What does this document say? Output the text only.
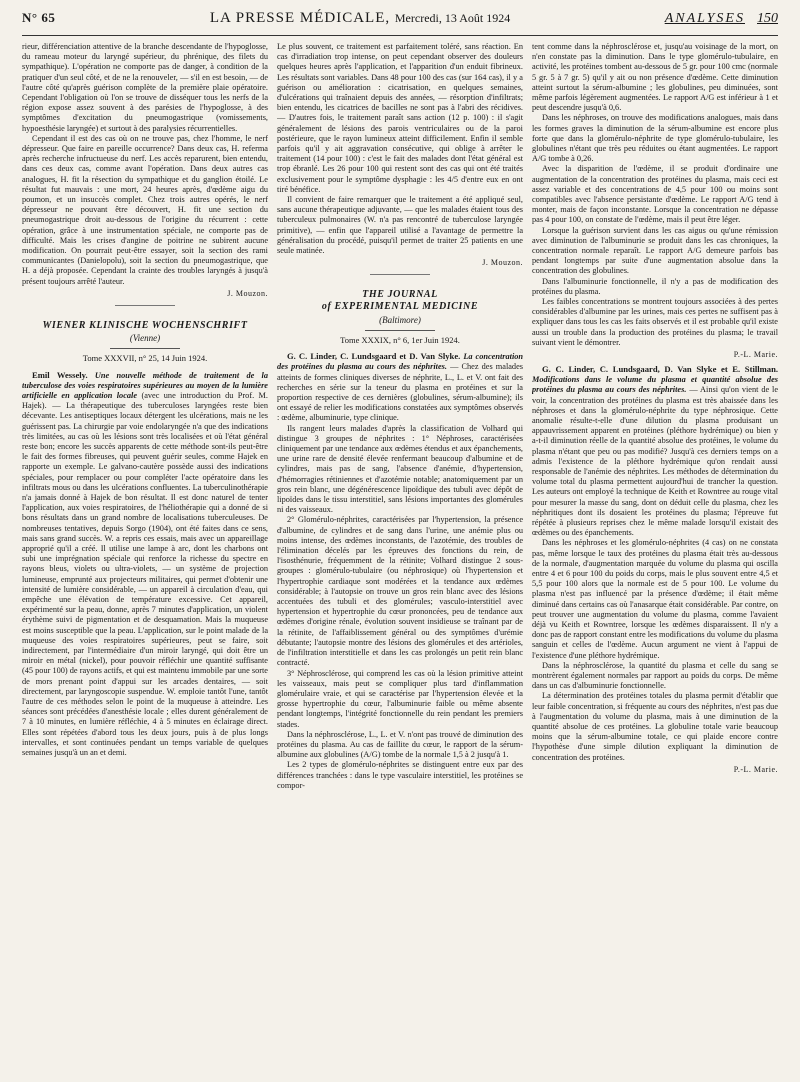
N° 65	LA PRESSE MÉDICALE, Mercredi, 13 Août 1924	ANALYSES 150

rieur, différenciation attentive de la branche descendante de l'hypoglosse, du rameau moteur du laryngé supérieur, du phrénique, des filets du sympathique). L'opération ne comporte pas de danger, à condition de la pratiquer d'un seul côté, et de ne la renouveler, — s'il en est besoin, — de l'autre côté qu'après guérison complète de la première plaie opératoire. Cependant l'obligation où l'on se trouve de disséquer tous les nerfs de la région expose assez souvent à des parésies de l'hypoglosse, à des symptômes d'excitation du pneumogastrique (vomissements, hypoesthésie laryngée) et surtout à des paralysies récurrentielles.

Cependant il est des cas où on ne trouve pas, chez l'homme, le nerf dépresseur. Que faire en pareille occurrence? Dans deux cas, H. referma après recherche infructueuse du nerf. Les accès reparurent, bien entendu, dans ces deux cas, comme avant l'opération. Dans deux autres cas analogues, H. fit la résection du sympathique et du ganglion étoilé. Le résultat fut mauvais : une mort, 24 heures après, d'œdème aigu du poumon, et un insuccès complet. Chez trois autres opérés, le nerf dépresseur ne pouvant être découvert, H. fit une section du pneumogastrique droit au-dessous de l'origine du récurrent : cette opération, grâce à une instrumentation spéciale, ne comporte pas de difficulté. Mais les crises d'angine de poitrine ne subirent aucune modification. On pourrait peut-être essayer, soit la section des rami communicantes (Danielopolu), soit la section du pneumogastrique, que H. a déjà proposée. Cependant la crainte des troubles laryngés à jusqu'à présent toujours arrêté l'auteur.

J. Mouzon.
WIENER KLINISCHE WOCHENSCHRIFT
(Vienne)
Tome XXXVII, n° 25, 14 Juin 1924.

Emil Wessely. Une nouvelle méthode de traitement de la tuberculose des voies respiratoires supérieures au moyen de la lumière artificielle en application locale (avec une introduction du Prof. M. Hajek). — La thérapeutique des tuberculoses laryngées reste bien décevante. Les antiseptiques locaux détergent les ulcérations, mais ne les guérissent pas. La chirurgie par voie endolaryngée n'a que des indications très limitées, au cas où les lésions sont très localisées et où l'état général reste bon; encore les succès apparents de cette méthode sont-ils peut-être le fait des formes fibreuses, qui peuvent guérir seules, comme Hajek en rapporte un exemple. Le galvano-cautère possède aussi des indications spéciales, pour remplacer ou pour compléter l'acte opératoire dans les infiltrats mous ou dans les ulcérations confluentes. La tuberculinothérapie n'a jamais donné à Hajek de bon résultat. Il est donc naturel de tenter l'application, aux voies respiratoires, de l'héliothérapie qui a donné de si bons résultats dans un grand nombre de localisations tuberculeuses. De nombreuses tentatives, depuis Sorgo (1904), ont été faites dans ce sens, mais sans grand succès. W. a repris ces essais, mais avec un appareillage approprié qu'il a créé. Il utilise une lampe à arc, dont les charbons ont subi une imprégnation spéciale qui renforce la richesse du spectre en rayons bleus, violets ou ultra-violets, — un système de projection lumineuse, emprunté aux projecteurs militaires, qui permet d'obtenir une intensité de lumière considérable, — un appareil à circulation d'eau, qui empêche une élévation de température excessive. Cet appareil, expérimenté sur la peau, donne, après 7 minutes d'application, un violent érythème suivi de pigmentation et de desquamation. Mais la muqueuse est moins susceptible que la peau. L'application, sur le point malade de la muqueuse des voies respiratoires supérieures, peut se faire, soit indirectement, par l'intermédiaire d'un miroir laryngé, qui doit être un miroir en métal (nickel), pour pouvoir réfléchir une quantité suffisante (45 pour 100) de rayons actifs, et qui est maintenu immobile par une sorte de mors prenant point d'appui sur les arcades dentaires, — soit directement, par laryngoscopie suspendue. W. emploie tantôt l'une, tantôt l'autre de ces méthodes selon le point de la muqueuse à atteindre. Les séances sont précédées d'anesthésie locale ; elles durent généralement de 7 à 10 minutes, en lumière réfléchie, 4 à 5 minutes en éclairage direct. Elles sont répétées d'abord tous les deux jours, puis à de plus longs intervalles, et sont continuées pendant un temps variable de quelques semaines jusqu'à un an et demi.

Le plus souvent, ce traitement est parfaitement toléré, sans réaction. En cas d'irradiation trop intense, on peut cependant observer des douleurs quelques heures après l'application, et l'apparition d'un enduit fibrineux. Les résultats sont variables. Dans 48 pour 100 des cas (sur 164 cas), il y a guérison ou amélioration : cicatrisation, en quelques semaines, d'ulcérations qui traînaient depuis des années, — résorption d'infiltrats; bien entendu, les cicatrices de bacilles ne sont pas à l'abri des récidives. — D'autres fois, le traitement paraît sans action (12 p. 100) : il s'agit généralement de lésions des parois ventriculaires ou de la paroi postérieure, que le rayon lumineux atteint difficilement. Enfin il semble parfois qu'il y ait aggravation consécutive, qui oblige à arrêter le traitement (14 pour 100) : c'est le fait des malades dont l'état général est trop ébranlé. Les 26 pour 100 qui restent sont des cas qui ont été traités exclusivement pour le symptôme dysphagie : les 4/5 d'entre eux en ont tiré bénéfice.

Il convient de faire remarquer que le traitement a été appliqué seul, sans aucune thérapeutique adjuvante, — que les malades étaient tous des tuberculeux pulmonaires (W. n'a pas rencontré de tuberculose laryngée primitive), — enfin que l'appareil utilisé a l'avantage de permettre la généralisation du procédé, puisqu'il permet de traiter 25 patients en une seule matinée.

J. Mouzon.
THE JOURNAL
of EXPERIMENTAL MEDICINE
(Baltimore)
Tome XXXIX, n° 6, 1er Juin 1924.

G. C. Linder, C. Lundsgaard et D. Van Slyke. La concentration des protéines du plasma au cours des néphrites. — Chez des malades atteints de formes cliniques diverses de néphrite, L., L. et V. ont fait des recherches en série sur la teneur du plasma en protéines et sur la proportion respective de ces dernières (globulines, sérum-albumine); ils ont essayé de relier les modifications constatées aux symptômes observés : œdème, albuminurie, type clinique.

Ils rangent leurs malades d'après la classification de Volhard qui distingue 3 groupes de néphrites : 1° Néphroses, caractérisées cliniquement par une tendance aux œdèmes étendus et aux épanchements, une urine rare de densité élevée renfermant beaucoup d'albumine et de cylindres, mais pas de sang, l'absence d'anémie, d'hypertension, d'hémorragies rétiniennes et d'azotémie notable; anatomiquement par un gros rein blanc, une dégénérescence lipoïdique des tubuli avec dépôt de lipoïdes dans le tissu interstitiel, sans lésions importantes des glomérules ni des vaisseaux.

2° Glomérulo-néphrites, caractérisées par l'hypertension, la présence d'albumine, de cylindres et de sang dans l'urine, une anémie plus ou moins intense, des œdèmes inconstants, de l'azotémie, des troubles de l'élimination décelés par les épreuves des fonctions du rein, de l'isosthénurie, fréquemment de la rétinite; Volhard distingue 2 sous-groupes : glomérulo-tubulaire (ou néphrosique) où l'hypertension et l'hypertrophie cardiaque sont modérées et la tendance aux œdèmes considérable; à l'autopsie on trouve un gros rein blanc avec des lésions accentuées des tubuli et des glomérules; vasculo-interstitiel avec hypertension et hypertrophie du cœur prononcées, peu de tendance aux œdèmes d'origine rénale, évolution souvent insidieuse se traînant par de la rétinite, de l'affaiblissement général ou des symptômes d'urémie débutante; l'autopsie montre des lésions des glomérules et des artérioles, de l'infiltration interstitielle et dans les cas prolongés un petit rein blanc contracté.

3° Néphrosclérose, qui comprend les cas où la lésion primitive atteint les vaisseaux, mais peut se compliquer plus tard d'inflammation glomérulaire vraie, et qui se caractérise par l'hypertension élevée et la grosse hypertrophie du cœur, l'albuminurie faible ou même absente pendant longtemps, l'intégrité fonctionnelle du rein pendant les premiers stades.

Dans la néphrosclérose, L., L. et V. n'ont pas trouvé de diminution des protéines du plasma. Au cas de faillite du cœur, le rapport de la sérum-albumine aux globulines (A/G) tombe de la normale 1,5 à 2 jusqu'à 1.

Les 2 types de glomérulo-néphrites se distinguent entre eux par des différences tranchées : dans le type vasculaire interstitiel, les protéines se compor-

tent comme dans la néphrosclérose et, jusqu'au voisinage de la mort, on n'en constate pas la diminution. Dans le type glomérulo-tubulaire, en activité, les protéines tombent au-dessous de 5 gr. pour 100 cmc (normale 5 gr. 5 à 7 gr. 5) qu'il y ait ou non présence d'œdème. Cette diminution atteint surtout la sérum-albumine ; les globulines, peu diminuées, sont même parfois légèrement augmentées. Le rapport A/G est inférieur à 1 et peut descendre jusqu'à 0,6.

Dans les néphroses, on trouve des modifications analogues, mais dans les formes graves la diminution de la sérum-albumine est encore plus forte que dans la glomérulo-néphrite de type glomérulo-tubulaire, les globulines n'étant que très peu réduites ou étant augmentées. Le rapport A/G tombe à 0,26.

Avec la disparition de l'œdème, il se produit d'ordinaire une augmentation de la concentration des protéines du plasma, mais ceci est assez variable et des concentrations de 4,5 pour 100 ou moins sont compatibles avec l'absence persistante d'œdème. Le rapport A/G tend à monter, mais de façon inconstante. Lorsque la concentration ne dépasse pas 4 pour 100, on constate de l'œdème, mais il peut être léger.

Lorsque la guérison survient dans les cas aigus ou qu'une rémission avec diminution de l'albuminurie se produit dans les cas chroniques, la concentration normale reparaît. Le rapport A/G demeure parfois bas pendant longtemps par suite d'une augmentation absolue dans la concentration des globulines.

Dans l'albuminurie fonctionnelle, il n'y a pas de modification des protéines du plasma.

Les faibles concentrations se montrent toujours associées à des pertes considérables d'albumine par les urines, mais ces pertes ne suffisent pas à expliquer dans tous les cas les faits observés et il est probable qu'il existe aussi un trouble dans la production des protéines du plasma; le travail suivant vient le démontrer.

P.-L. Marie.

G. C. Linder, C. Lundsgaard, D. Van Slyke et E. Stillman. Modifications dans le volume du plasma et quantité absolue des protéines du plasma au cours des néphrites. — Ainsi qu'on vient de le voir, la concentration des protéines du plasma est très abaissée dans les néphroses et dans la glomérulo-néphrite du type néphrosique. Cette anomalie résulte-t-elle d'une dilution du plasma produisant un appauvrissement apparent en protéines (pléthore hydrémique) ou bien y a-t-il diminution réelle de la quantité absolue des protéines, le volume du plasma n'étant que peu ou pas modifié? Jusqu'à ces derniers temps on a admis l'existence de la pléthore hydrémique qu'on rendait aussi responsable de l'anémie des néphrites. Les méthodes de détermination du volume total du plasma permettent aujourd'hui de trancher la question. Les auteurs ont employé la technique de Keith et Rowntree au rouge vital pour mesurer la masse du sang, dont on déduit celle du plasma, chez les néphritiques dont ils dosaient les protéines du plasma; l'épreuve fut répétée à plusieurs reprises chez le même malade lorsqu'il existait des œdèmes ou des épanchements.

Dans les néphroses et les glomérulo-néphrites (4 cas) on ne constata pas, même lorsque le taux des protéines du plasma était très au-dessous de la normale, d'augmentation marquée du volume du plasma qui oscilla entre 4 et 6 pour 100 du poids du corps, mais le plus souvent entre 4,5 et 5,5 pour 100 alors que la normale est de 5 pour 100. Le volume du plasma n'est pas influencé par la présence d'œdème; il était même diminué dans certains cas où l'anasarque était considérable. Par contre, on peut trouver une augmentation du volume du plasma, comme l'avaient déjà vu Keith et Rowntree, lorsque les œdèmes disparaissent. Il n'y a donc pas de rapport constant entre les modifications du volume du plasma sanguin et celles de l'œdème. Aucun argument ne vient à l'appui de l'existence d'une pléthore hydrémique.

Dans la néphrosclérose, la quantité du plasma et celle du sang se montrèrent également normales par rapport au poids du corps. De même dans un cas d'albuminurie fonctionnelle.

La détermination des protéines totales du plasma permit d'établir que leur faible concentration, si fréquente au cours des néphrites, n'est pas due à l'augmentation du volume du plasma, mais à une diminution de la quantité absolue de ces protéines. La globuline totale varie beaucoup moins que la sérum-albumine totale, ce qui plaide encore contre l'hypothèse d'une simple dilution expliquant la diminution de concentration des protéines.

P.-L. Marie.
